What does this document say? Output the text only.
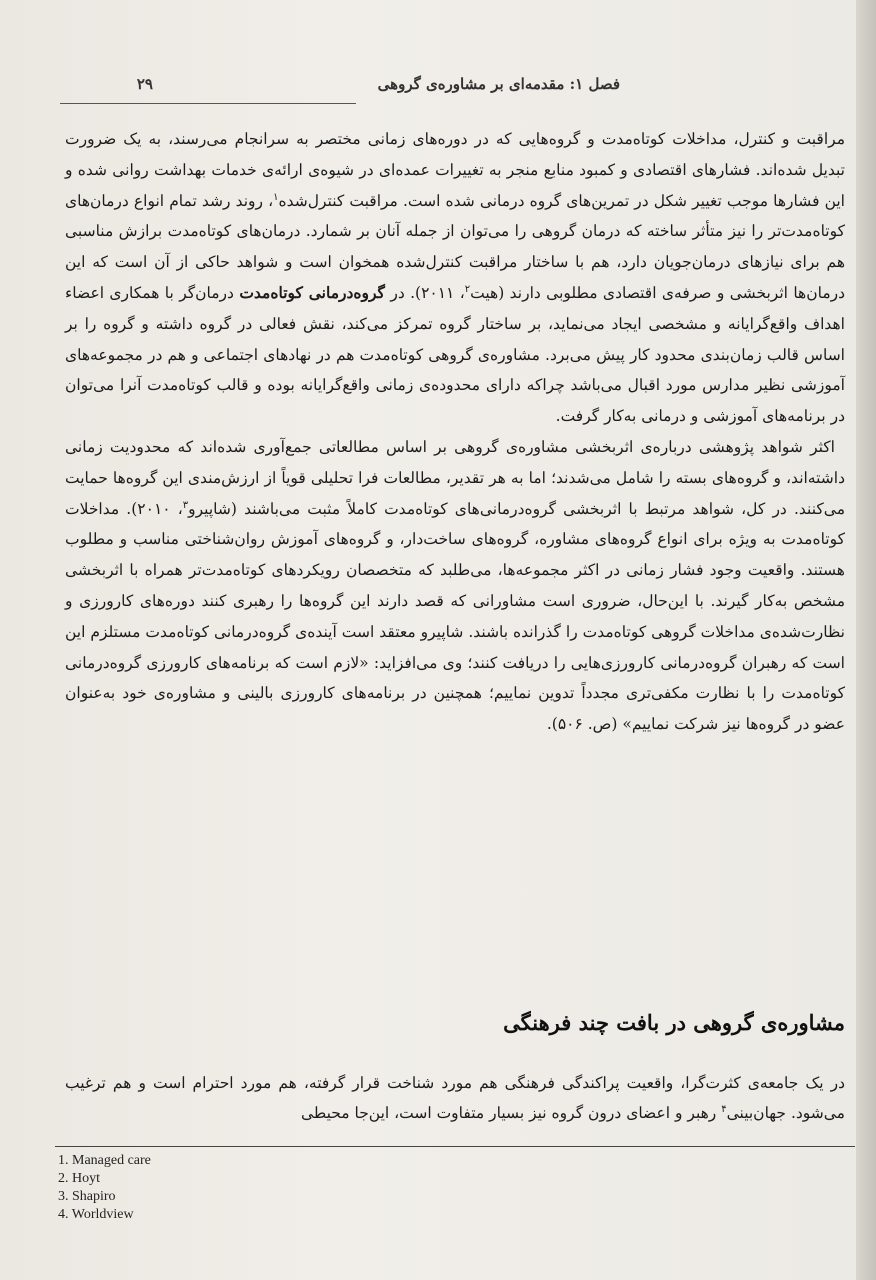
فصل ۱: مقدمه‌ای بر مشاوره‌ی گروهی
۲۹

مراقبت و کنترل، مداخلات کوتاه‌مدت و گروه‌هایی که در دوره‌های زمانی مختصر به سرانجام می‌رسند، به یک ضرورت تبدیل شده‌اند. فشارهای اقتصادی و کمبود منابع منجر به تغییرات عمده‌ای در شیوه‌ی ارائه‌ی خدمات بهداشت روانی شده و این فشارها موجب تغییر شکل در تمرین‌های گروه درمانی شده است. مراقبت کنترل‌شده$^۱$، روند رشد تمام انواع درمان‌های کوتاه‌مدت‌تر را نیز متأثر ساخته که درمان گروهی را می‌توان از جمله آنان بر شمارد. درمان‌های کوتاه‌مدت برازش مناسبی هم برای نیازهای درمان‌جویان دارد، هم با ساختار مراقبت کنترل‌شده همخوان است و شواهد حاکی از آن است که این درمان‌ها اثربخشی و صرفه‌ی اقتصادی مطلوبی دارند (هیت$^۲$، ۲۰۱۱). در گروه‌درمانی کوتاه‌مدت درمان‌گر با همکاری اعضاء اهداف واقع‌گرایانه و مشخصی ایجاد می‌نماید، بر ساختار گروه تمرکز می‌کند، نقش فعالی در گروه داشته و گروه را بر اساس قالب زمان‌بندی محدود کار پیش می‌برد. مشاوره‌ی گروهی کوتاه‌مدت هم در نهادهای اجتماعی و هم در مجموعه‌های آموزشی نظیر مدارس مورد اقبال می‌باشد چراکه دارای محدوده‌ی زمانی واقع‌گرایانه بوده و قالب کوتاه‌مدت آنرا می‌توان در برنامه‌های آموزشی و درمانی به‌کار گرفت.

اکثر شواهد پژوهشی درباره‌ی اثربخشی مشاوره‌ی گروهی بر اساس مطالعاتی جمع‌آوری شده‌اند که محدودیت زمانی داشته‌اند، و گروه‌های بسته را شامل می‌شدند؛ اما به هر تقدیر، مطالعات فرا تحلیلی قویاً از ارزش‌مندی این گروه‌ها حمایت می‌کنند. در کل، شواهد مرتبط با اثربخشی گروه‌درمانی‌های کوتاه‌مدت کاملاً مثبت می‌باشند (شاپیرو$^۳$، ۲۰۱۰). مداخلات کوتاه‌مدت به ویژه برای انواع گروه‌های مشاوره، گروه‌های ساخت‌دار، و گروه‌های آموزش روان‌شناختی مناسب و مطلوب هستند. واقعیت وجود فشار زمانی در اکثر مجموعه‌ها، می‌طلبد که متخصصان رویکردهای کوتاه‌مدت‌تر همراه با اثربخشی مشخص به‌کار گیرند. با این‌حال، ضروری است مشاورانی که قصد دارند این گروه‌ها را رهبری کنند دوره‌های کارورزی و نظارت‌شده‌ی مداخلات گروهی کوتاه‌مدت را گذرانده باشند. شاپیرو معتقد است آینده‌ی گروه‌درمانی کوتاه‌مدت مستلزم این است که رهبران گروه‌درمانی کارورزی‌هایی را دریافت کنند؛ وی می‌افزاید: «لازم است که برنامه‌های کارورزی گروه‌درمانی کوتاه‌مدت را با نظارت مکفی‌تری مجدداً تدوین نماییم؛ همچنین در برنامه‌های کارورزی بالینی و مشاوره‌ی خود به‌عنوان عضو در گروه‌ها نیز شرکت نماییم» (ص. ۵۰۶).

مشاوره‌ی گروهی در بافت چند فرهنگی

در یک جامعه‌ی کثرت‌گرا، واقعیت پراکندگی فرهنگی هم مورد شناخت قرار گرفته، هم مورد احترام است و هم ترغیب می‌شود. جهان‌بینی$^۴$ رهبر و اعضای درون گروه نیز بسیار متفاوت است، این‌جا محیطی

1. Managed care
2. Hoyt
3. Shapiro
4. Worldview
